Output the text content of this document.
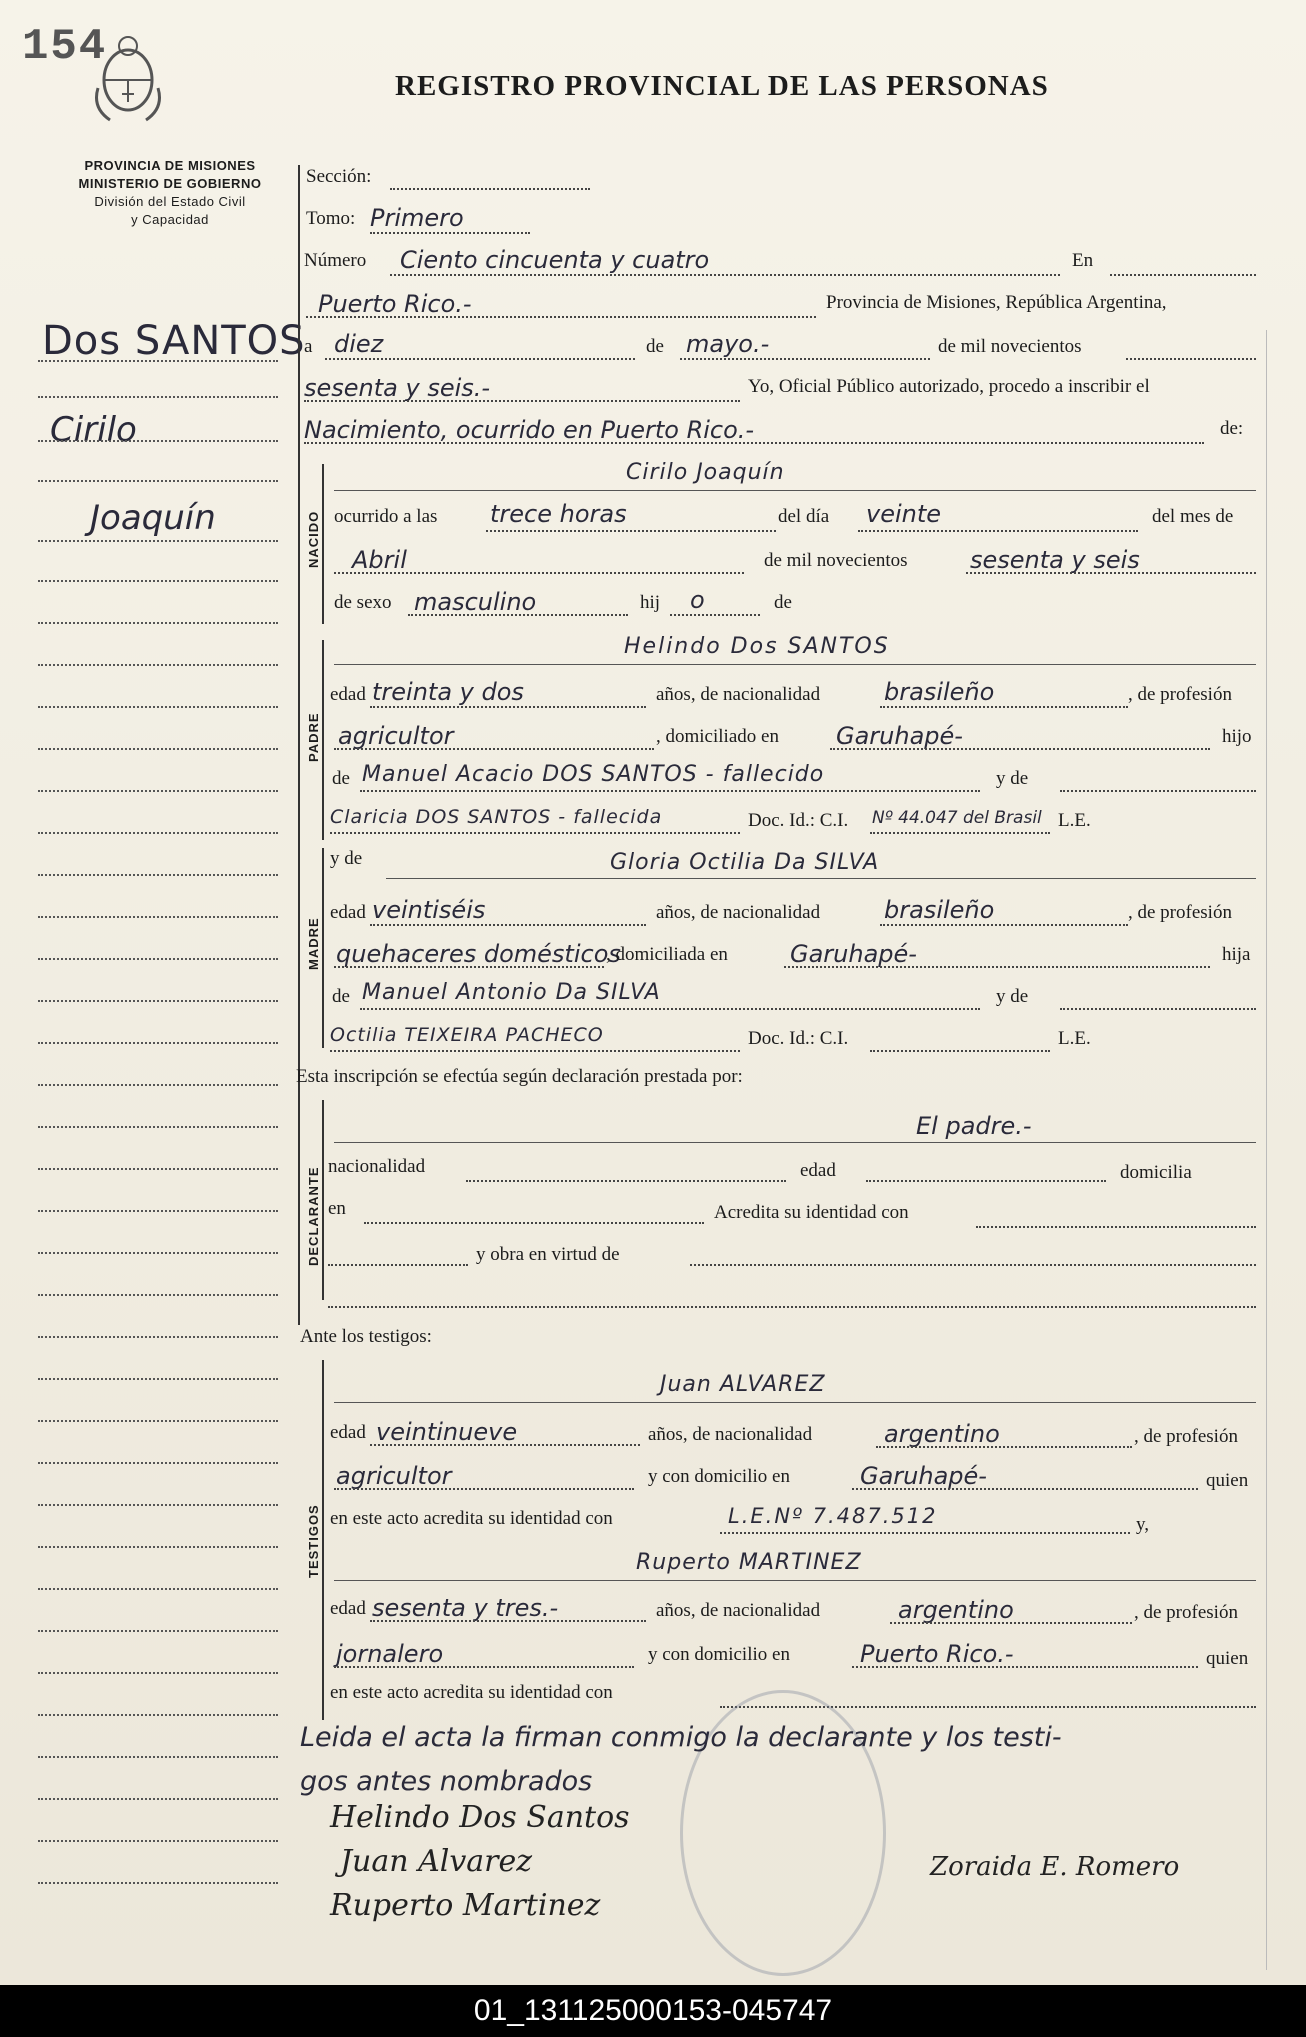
154
REGISTRO PROVINCIAL DE LAS PERSONAS
PROVINCIA DE MISIONES
MINISTERIO DE GOBIERNO
División del Estado Civil
y Capacidad
Dos SANTOS
Cirilo
Joaquín
Sección:
Tomo: Primero
Número Ciento cincuenta y cuatro	En
Puerto Rico.-	Provincia de Misiones, República Argentina,
a diez	de mayo.-	de mil novecientos
sesenta y seis.-	Yo, Oficial Público autorizado, procedo a inscribir el
Nacimiento, ocurrido en Puerto Rico.-	de:
NACIDO
Cirilo Joaquín
ocurrido a las trece horas	del día veinte	del mes de
Abril	de mil novecientos	sesenta y seis
de sexo masculino	hij o	de
PADRE
Helindo Dos SANTOS
edad treinta y dos	años, de nacionalidad	brasileño	, de profesión
agricultor	, domiciliado en Garuhapé-	hijo
de Manuel Acacio DOS SANTOS - fallecido	y de
Claricia DOS SANTOS - fallecida	Doc. Id.: C.I. Nº 44.047 del Brasil L.E.
MADRE
y de	Gloria Octilia Da SILVA
edad veintiséis	años, de nacionalidad	brasileño	, de profesión
quehaceres domésticos
, domiciliada en	Garuhapé-	hija
de Manuel Antonio Da SILVA	y de
Octilia TEIXEIRA PACHECO	Doc. Id.: C.I.	L.E.
Esta inscripción se efectúa según declaración prestada por:
DECLARANTE
El padre.-
nacionalidad	edad	domicilia
en	Acredita su identidad con
y obra en virtud de
Ante los testigos:
TESTIGOS
Juan ALVAREZ
edad veintinueve	años, de nacionalidad	argentino	, de profesión
agricultor	y con domicilio en	Garuhapé-	quien
en este acto acredita su identidad con	L.E.Nº 7.487.512	y,
Ruperto MARTINEZ
edad sesenta y tres.-	años, de nacionalidad	argentino	, de profesión
jornalero	y con domicilio en	Puerto Rico.-	quien
en este acto acredita su identidad con
Leida el acta la firman conmigo la declarante y los testi-
gos antes nombrados
Helindo Dos Santos
Juan Alvarez
Ruperto Martinez
Zoraida E. Romero
01_131125000153-045747
